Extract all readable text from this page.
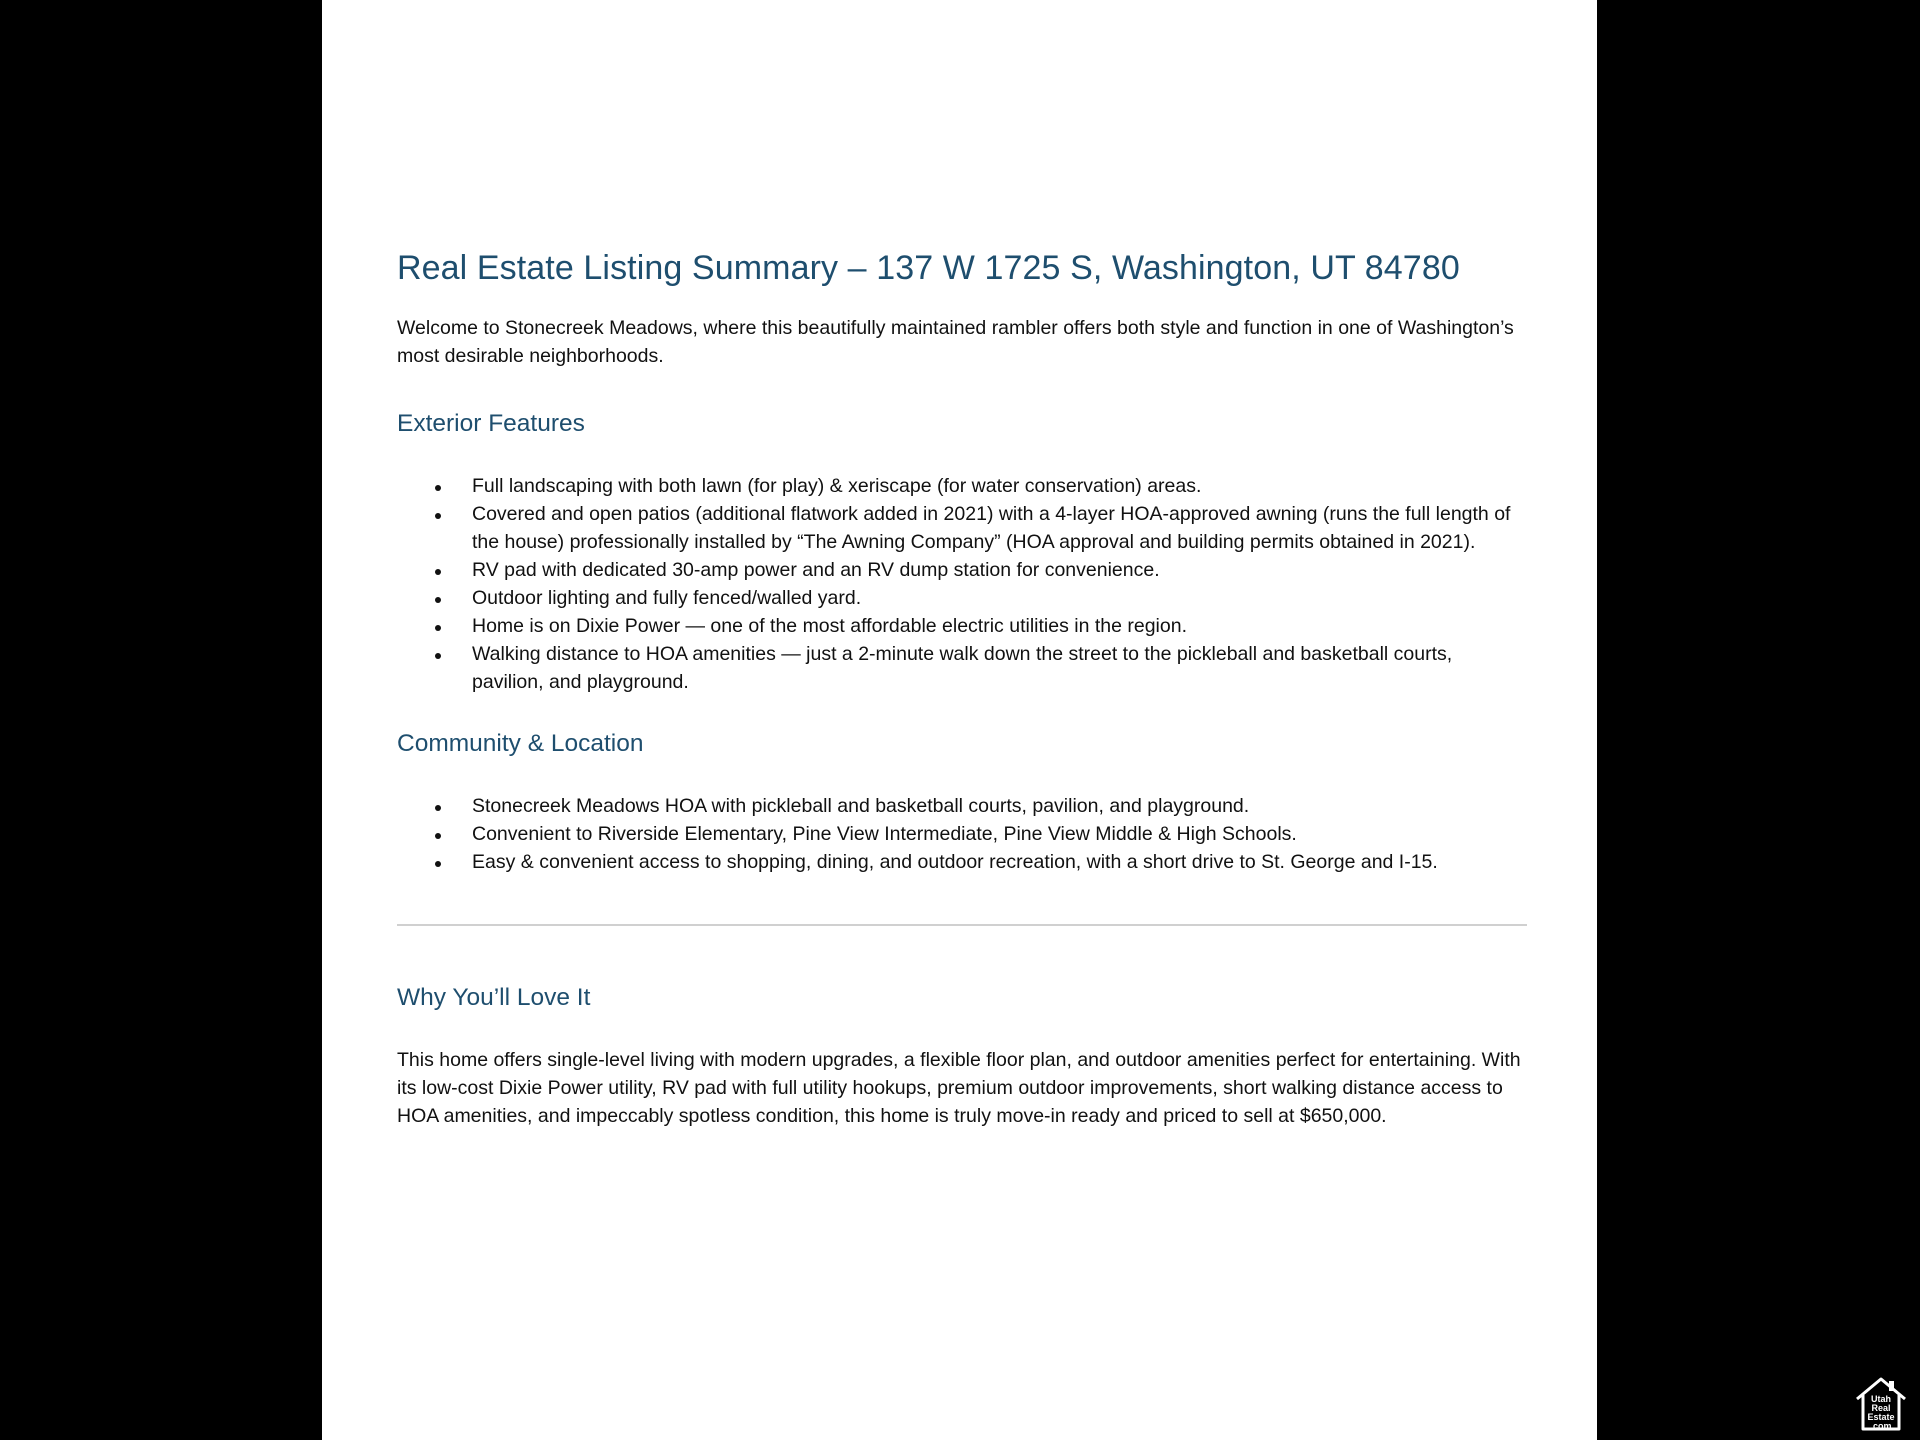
Real Estate Listing Summary – 137 W 1725 S, Washington, UT 84780

Welcome to Stonecreek Meadows, where this beautifully maintained rambler offers both style and function in one of Washington’s most desirable neighborhoods.

Exterior Features
Full landscaping with both lawn (for play) & xeriscape (for water conservation) areas.
Covered and open patios (additional flatwork added in 2021) with a 4-layer HOA-approved awning (runs the full length of the house) professionally installed by “The Awning Company” (HOA approval and building permits obtained in 2021).
RV pad with dedicated 30-amp power and an RV dump station for convenience.
Outdoor lighting and fully fenced/walled yard.
Home is on Dixie Power — one of the most affordable electric utilities in the region.
Walking distance to HOA amenities — just a 2-minute walk down the street to the pickleball and basketball courts, pavilion, and playground.
Community & Location
Stonecreek Meadows HOA with pickleball and basketball courts, pavilion, and playground.
Convenient to Riverside Elementary, Pine View Intermediate, Pine View Middle & High Schools.
Easy & convenient access to shopping, dining, and outdoor recreation, with a short drive to St. George and I-15.
Why You’ll Love It

This home offers single-level living with modern upgrades, a flexible floor plan, and outdoor amenities perfect for entertaining. With its low-cost Dixie Power utility, RV pad with full utility hookups, premium outdoor improvements, short walking distance access to HOA amenities, and impeccably spotless condition, this home is truly move-in ready and priced to sell at $650,000.

Utah
Real
Estate
.com
